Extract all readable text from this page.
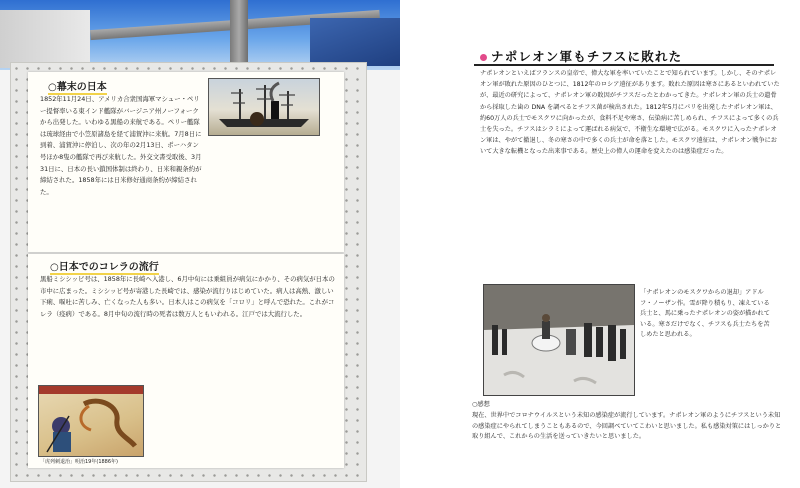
○幕末の日本
1852年11月24日、アメリカ合衆国海軍マシュー・ペリー提督率いる東インド艦隊がバージニア州ノーフォークから出発した。いわゆる黒船の来航である。ペリー艦隊は琉球経由で小笠原諸島を経て浦賀沖に来航。7月8日に到着、浦賀沖に停泊し、次の年の2月13日、ポーハタン号ほか8隻の艦隊で再び来航した。外交文書受取後、3月31日に、日本の長い鎖国体制は終わり、日米和親条約が締結された。1858年には日米修好通商条約が締結された。
○日本でのコレラの流行
黒船ミシシッピ号は、1858年に長崎へ入港し、6月中旬には乗組員が病気にかかり、その病気が日本の市中に広まった。ミシシッピ号が寄港した長崎では、感染が流行りはじめていた。病人は高熱、激しい下痢、嘔吐に苦しみ、亡くなった人も多い。日本人はこの病気を「コロリ」と呼んで恐れた。これがコレラ（疫病）である。8月中旬の流行時の死者は数万人ともいわれる。江戸では大流行した。
「虎列刺退治」明治19年(1886年)
ナポレオン軍もチフスに敗れた
ナポレオンといえばフランスの皇帝で、偉大な軍を率いていたことで知られています。しかし、そのナポレオン軍が敗れた原因のひとつに、1812年のロシア遠征があります。敗れた原因は寒さにあるといわれていたが、最近の研究によって、ナポレオン軍の敗因がチフスだったとわかってきた。ナポレオン軍の兵士の遺骨から採取した歯の DNA を調べるとチフス菌が検出された。1812年5月にパリを出発したナポレオン軍は、約60万人の兵士でモスクワに向かったが、食料不足や寒さ、伝染病に苦しめられ、チフスによって多くの兵士を失った。チフスはシラミによって運ばれる病気で、不衛生な環境で広がる。モスクワに入ったナポレオン軍は、やがて撤退し、冬の寒さの中で多くの兵士が命を落とした。モスクワ遠征は、ナポレオン戦争において大きな転機となった出来事である。歴史上の偉人の運命を変えたのは感染症だった。
「ナポレオンのモスクワからの退却」アドルフ・ノーザン作。雪が降り積もり、凍えている兵士と、馬に乗ったナポレオンの姿が描かれている。寒さだけでなく、チフスも兵士たちを苦しめたと思われる。
○感想
現在、世界中でコロナウイルスという未知の感染症が流行しています。ナポレオン軍のようにチフスという未知の感染症にやられてしまうこともあるので、今回調べていてこわいと思いました。私も感染対策にはしっかりと取り組んで、これからの生活を送っていきたいと思いました。
